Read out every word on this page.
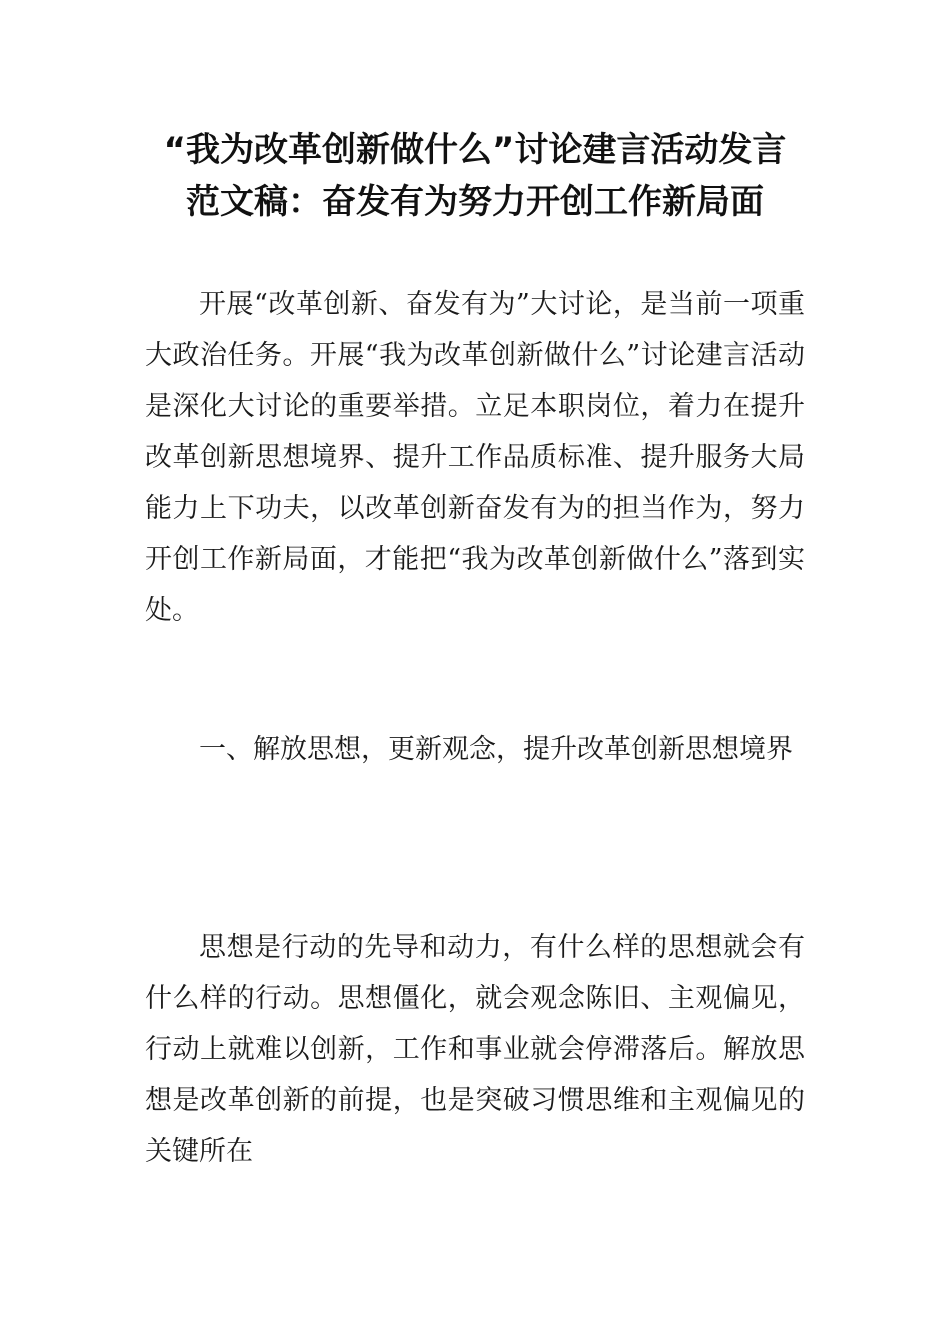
“我为改革创新做什么”讨论建言活动发言范文稿：奋发有为努力开创工作新局面

开展“改革创新、奋发有为”大讨论，是当前一项重大政治任务。开展“我为改革创新做什么”讨论建言活动是深化大讨论的重要举措。立足本职岗位，着力在提升改革创新思想境界、提升工作品质标准、提升服务大局能力上下功夫，以改革创新奋发有为的担当作为，努力开创工作新局面，才能把“我为改革创新做什么”落到实处。

一、解放思想，更新观念，提升改革创新思想境界

思想是行动的先导和动力，有什么样的思想就会有什么样的行动。思想僵化，就会观念陈旧、主观偏见，行动上就难以创新，工作和事业就会停滞落后。解放思想是改革创新的前提，也是突破习惯思维和主观偏见的关键所在
